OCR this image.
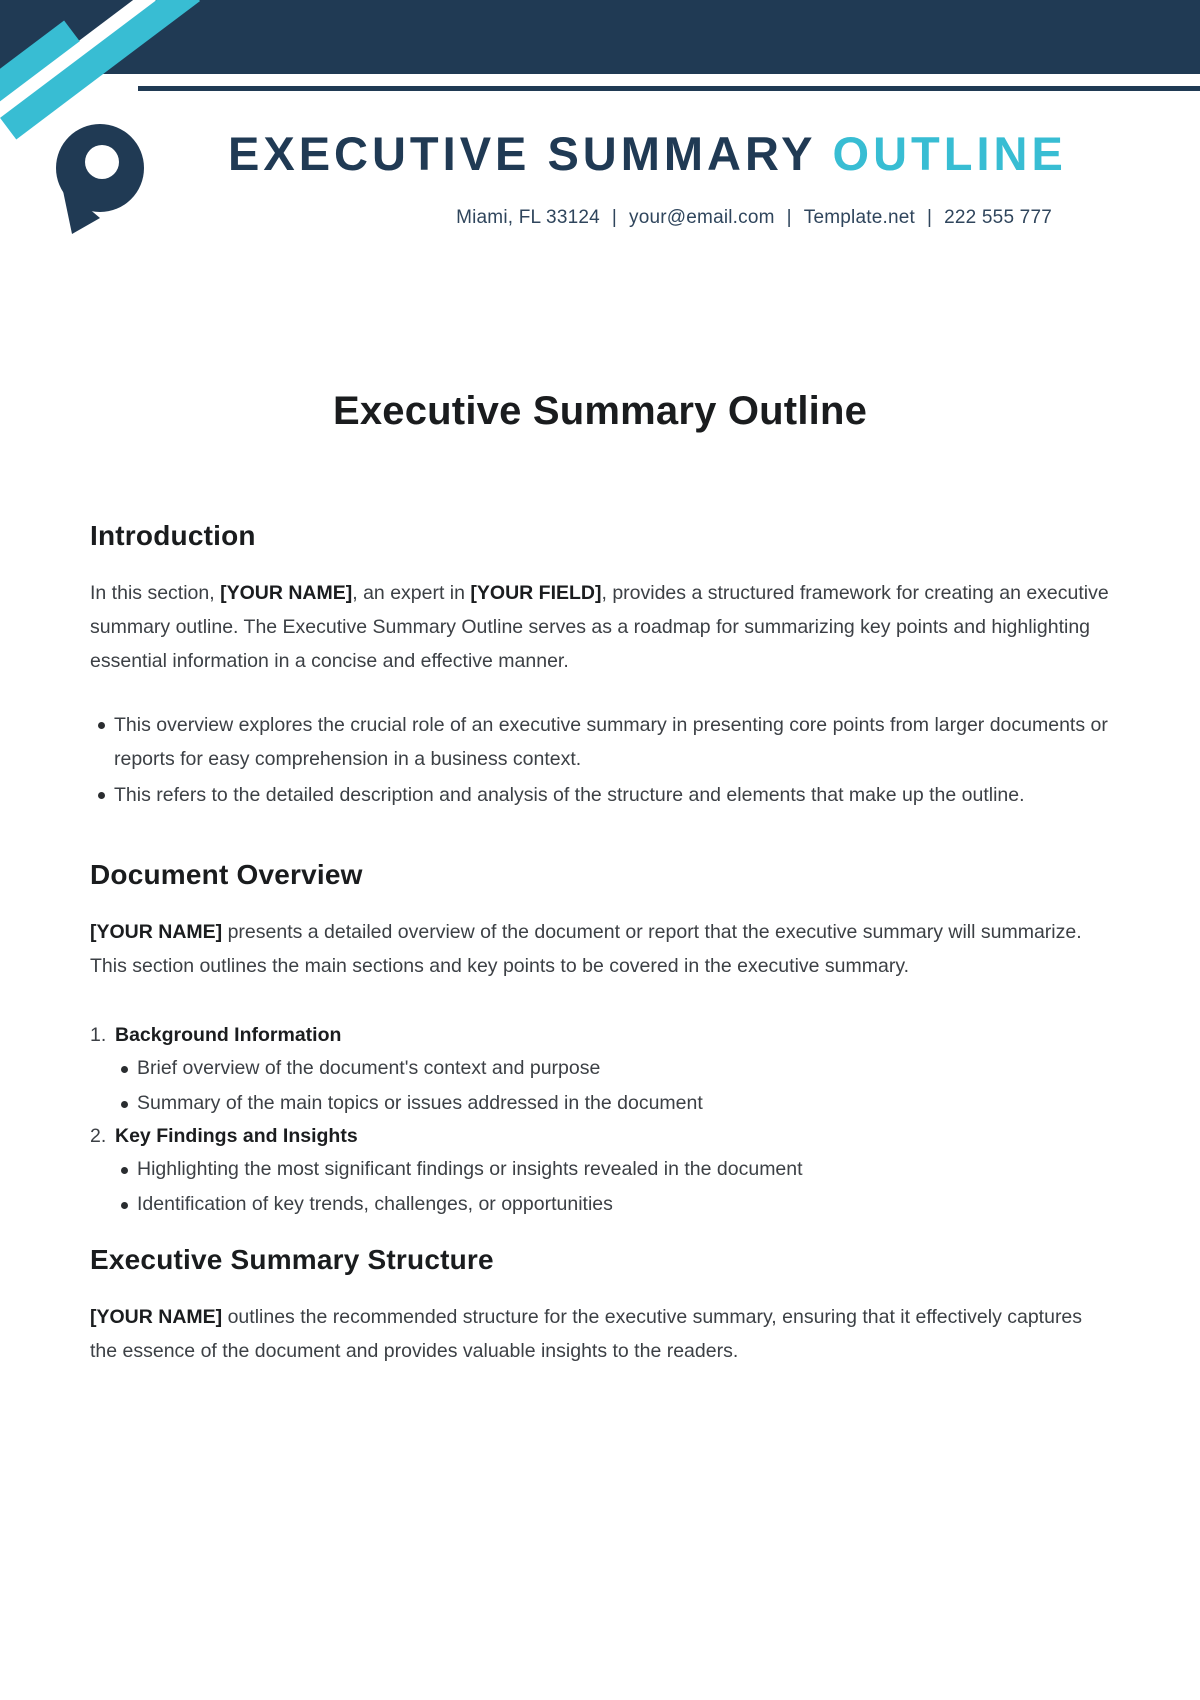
EXECUTIVE SUMMARY OUTLINE
Miami, FL 33124 | your@email.com | Template.net | 222 555 777
Executive Summary Outline
Introduction

In this section, [YOUR NAME], an expert in [YOUR FIELD], provides a structured framework for creating an executive summary outline. The Executive Summary Outline serves as a roadmap for summarizing key points and highlighting essential information in a concise and effective manner.

This overview explores the crucial role of an executive summary in presenting core points from larger documents or reports for easy comprehension in a business context.
This refers to the detailed description and analysis of the structure and elements that make up the outline.
Document Overview

[YOUR NAME] presents a detailed overview of the document or report that the executive summary will summarize. This section outlines the main sections and key points to be covered in the executive summary.

1. Background Information
Brief overview of the document's context and purpose
Summary of the main topics or issues addressed in the document
2. Key Findings and Insights
Highlighting the most significant findings or insights revealed in the document
Identification of key trends, challenges, or opportunities
Executive Summary Structure

[YOUR NAME] outlines the recommended structure for the executive summary, ensuring that it effectively captures the essence of the document and provides valuable insights to the readers.
